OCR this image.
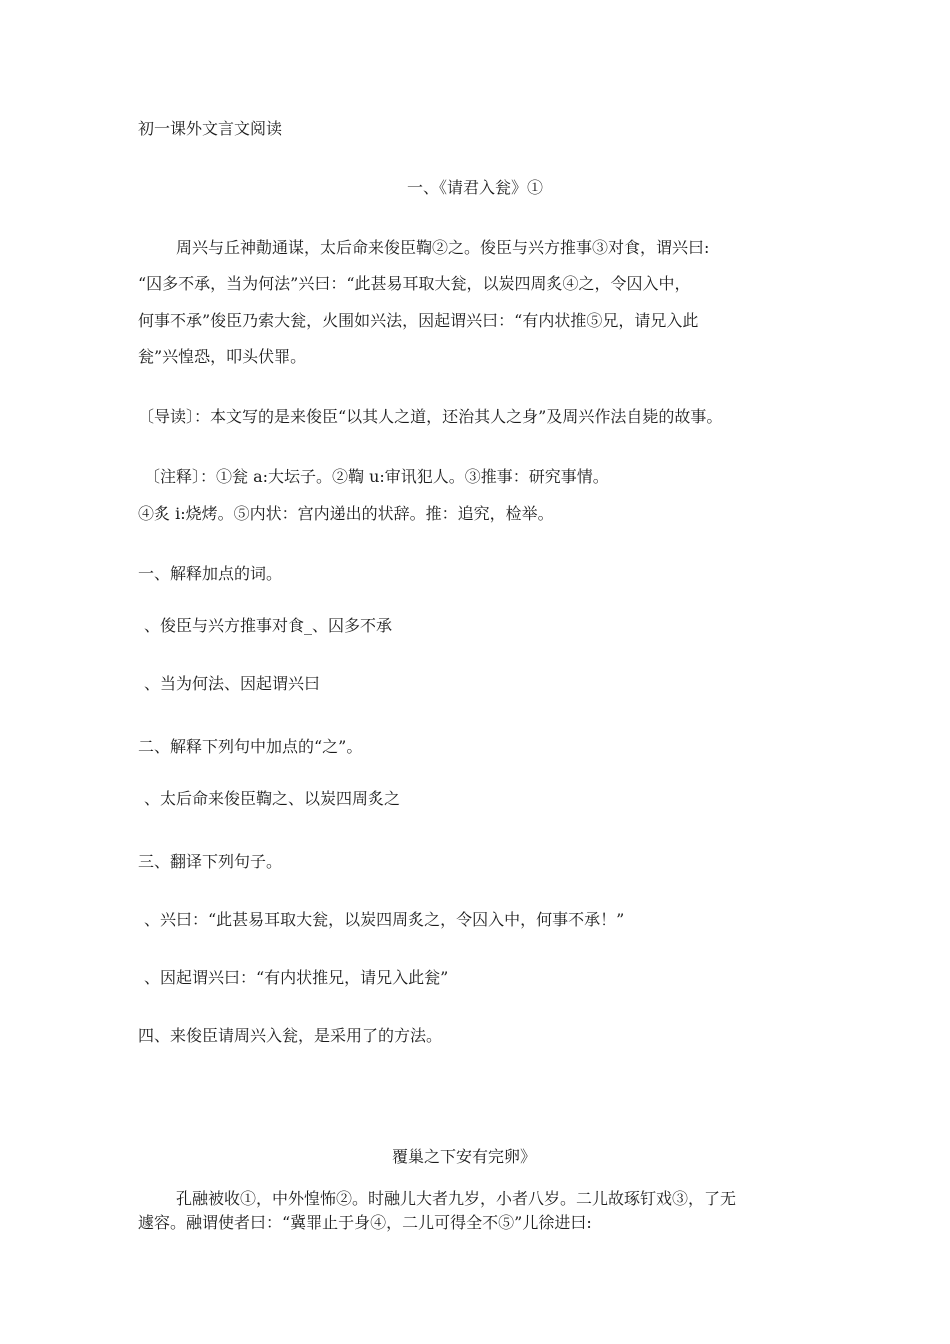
初一课外文言文阅读
一、《请君入瓮》①
周兴与丘神勣通谋，太后命来俊臣鞫②之。俊臣与兴方推事③对食，谓兴曰:
“囚多不承，当为何法”兴曰：“此甚易耳取大瓮，以炭四周炙④之，令囚入中，
何事不承”俊臣乃索大瓮，火围如兴法，因起谓兴曰：“有内状推⑤兄，请兄入此
瓮”兴惶恐，叩头伏罪。
〔导读〕：本文写的是来俊臣“以其人之道，还治其人之身”及周兴作法自毙的故事。
〔注释〕：①瓮 a:大坛子。②鞫 u:审讯犯人。③推事：研究事情。
④炙 i:烧烤。⑤内状：宫内递出的状辞。推：追究，检举。
一、解释加点的词。
、俊臣与兴方推事对食_、囚多不承
、当为何法、因起谓兴曰
二、解释下列句中加点的“之”。
、太后命来俊臣鞫之、以炭四周炙之
三、翻译下列句子。
、兴曰：“此甚易耳取大瓮，以炭四周炙之，令囚入中，何事不承！”
、因起谓兴曰：“有内状推兄，请兄入此瓮”
四、来俊臣请周兴入瓮，是采用了的方法。
覆巢之下安有完卵》
孔融被收①，中外惶怖②。时融儿大者九岁，小者八岁。二儿故琢钉戏③，了无
遽容。融谓使者曰：“冀罪止于身④，二儿可得全不⑤”儿徐进曰:
